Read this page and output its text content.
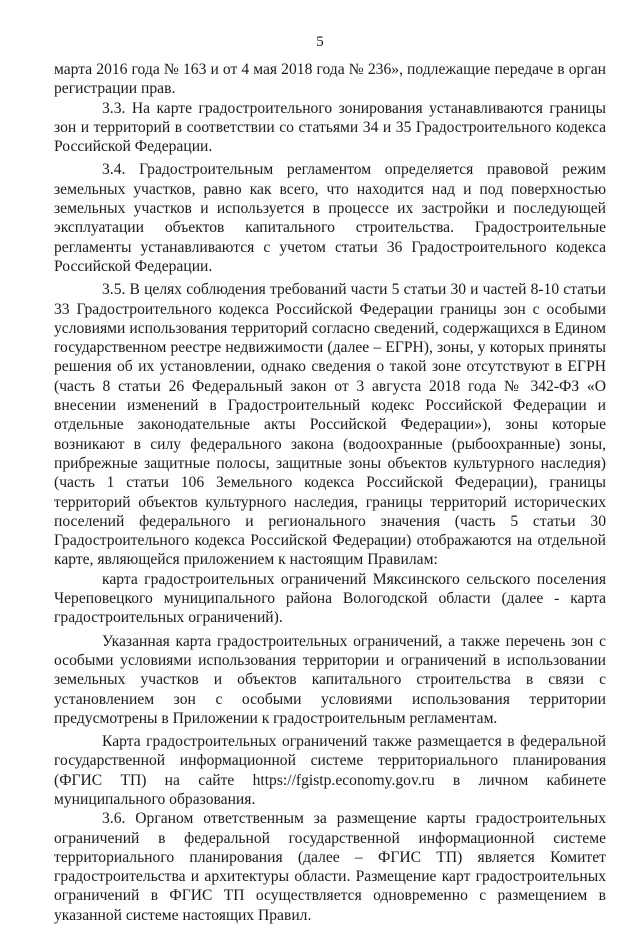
5

марта 2016 года № 163 и от 4 мая 2018 года № 236», подлежащие передаче в орган регистрации прав.

3.3. На карте градостроительного зонирования устанавливаются границы зон и территорий в соответствии со статьями 34 и 35 Градостроительного кодекса Российской Федерации.

3.4. Градостроительным регламентом определяется правовой режим земельных участков, равно как всего, что находится над и под поверхностью земельных участков и используется в процессе их застройки и последующей эксплуатации объектов капитального строительства. Градостроительные регламенты устанавливаются с учетом статьи 36 Градостроительного кодекса Российской Федерации.

3.5. В целях соблюдения требований части 5 статьи 30 и частей 8-10 статьи 33 Градостроительного кодекса Российской Федерации границы зон с особыми условиями использования территорий согласно сведений, содержащихся в Едином государственном реестре недвижимости (далее – ЕГРН), зоны, у которых приняты решения об их установлении, однако сведения о такой зоне отсутствуют в ЕГРН (часть 8 статьи 26 Федеральный закон от 3 августа 2018 года № 342-ФЗ «О внесении изменений в Градостроительный кодекс Российской Федерации и отдельные законодательные акты Российской Федерации»), зоны которые возникают в силу федерального закона (водоохранные (рыбоохранные) зоны, прибрежные защитные полосы, защитные зоны объектов культурного наследия) (часть 1 статьи 106 Земельного кодекса Российской Федерации), границы территорий объектов культурного наследия, границы территорий исторических поселений федерального и регионального значения (часть 5 статьи 30 Градостроительного кодекса Российской Федерации) отображаются на отдельной карте, являющейся приложением к настоящим Правилам:

карта градостроительных ограничений Мяксинского сельского поселения Череповецкого муниципального района Вологодской области (далее - карта градостроительных ограничений).

Указанная карта градостроительных ограничений, а также перечень зон с особыми условиями использования территории и ограничений в использовании земельных участков и объектов капитального строительства в связи с установлением зон с особыми условиями использования территории предусмотрены в Приложении к градостроительным регламентам.

Карта градостроительных ограничений также размещается в федеральной государственной информационной системе территориального планирования (ФГИС ТП) на сайте https://fgistp.economy.gov.ru в личном кабинете муниципального образования.

3.6. Органом ответственным за размещение карты градостроительных ограничений в федеральной государственной информационной системе территориального планирования (далее – ФГИС ТП) является Комитет градостроительства и архитектуры области. Размещение карт градостроительных ограничений в ФГИС ТП осуществляется одновременно с размещением в указанной системе настоящих Правил.
